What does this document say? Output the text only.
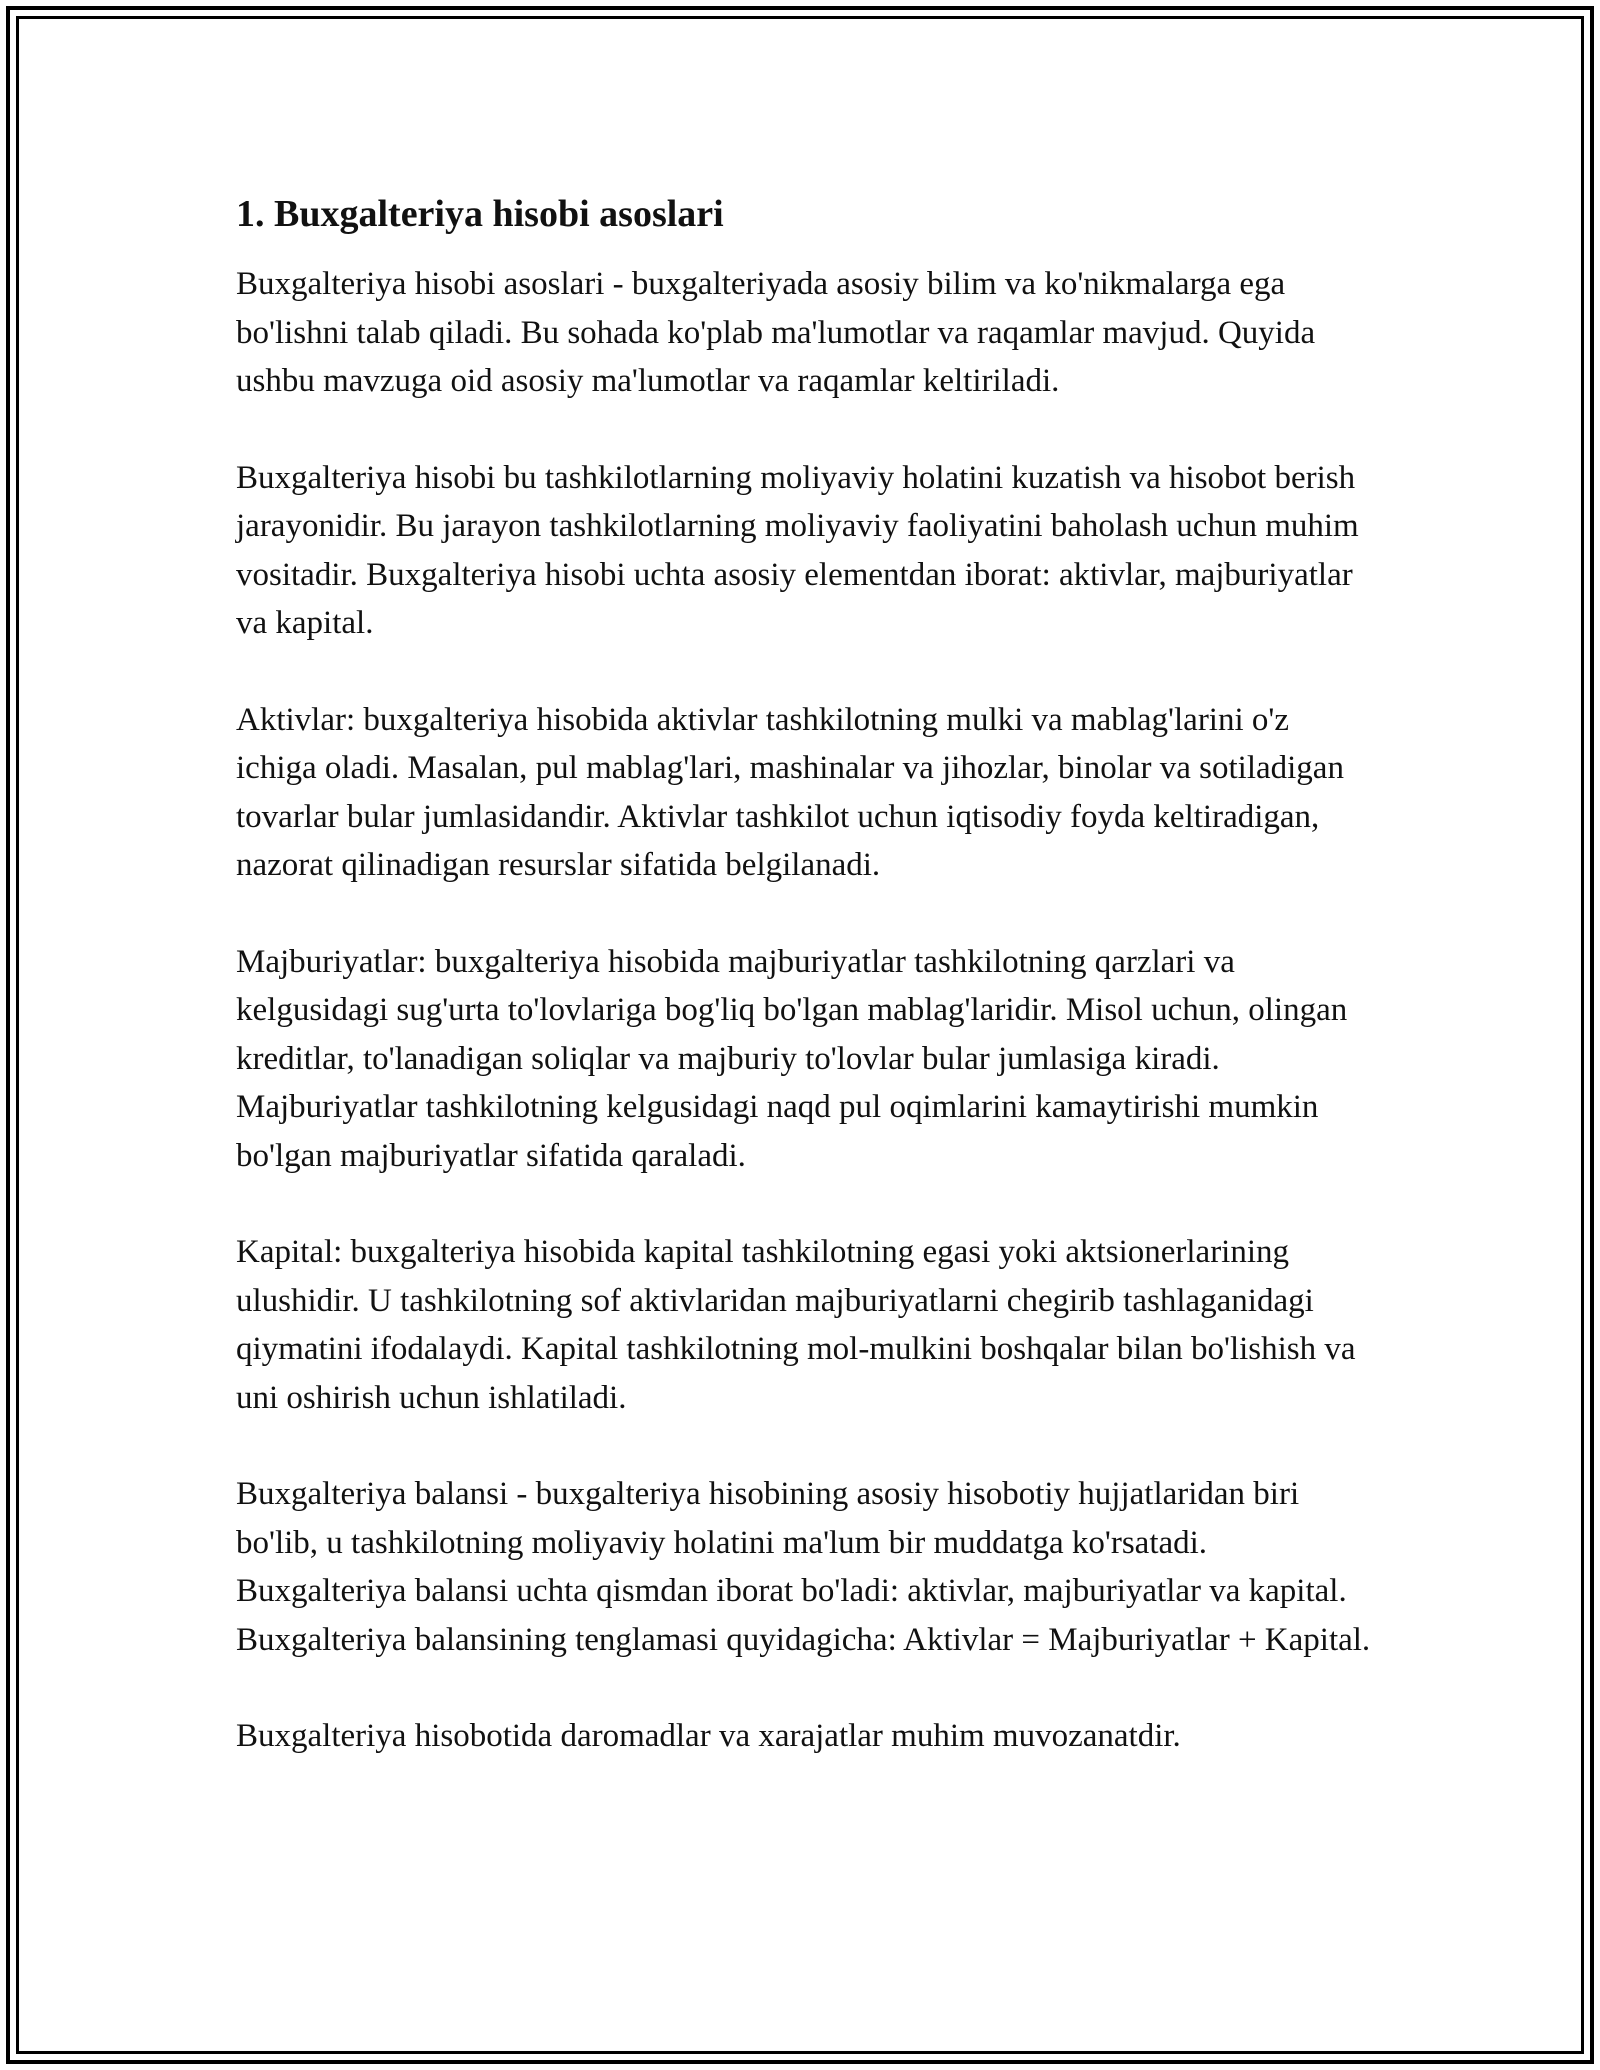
1. Buxgalteriya hisobi asoslari

Buxgalteriya hisobi asoslari - buxgalteriyada asosiy bilim va ko'nikmalarga ega bo'lishni talab qiladi. Bu sohada ko'plab ma'lumotlar va raqamlar mavjud. Quyida ushbu mavzuga oid asosiy ma'lumotlar va raqamlar keltiriladi.

Buxgalteriya hisobi bu tashkilotlarning moliyaviy holatini kuzatish va hisobot berish jarayonidir. Bu jarayon tashkilotlarning moliyaviy faoliyatini baholash uchun muhim vositadir. Buxgalteriya hisobi uchta asosiy elementdan iborat: aktivlar, majburiyatlar va kapital.

Aktivlar: buxgalteriya hisobida aktivlar tashkilotning mulki va mablag'larini o'z ichiga oladi. Masalan, pul mablag'lari, mashinalar va jihozlar, binolar va sotiladigan tovarlar bular jumlasidandir. Aktivlar tashkilot uchun iqtisodiy foyda keltiradigan, nazorat qilinadigan resurslar sifatida belgilanadi.

Majburiyatlar: buxgalteriya hisobida majburiyatlar tashkilotning qarzlari va kelgusidagi sug'urta to'lovlariga bog'liq bo'lgan mablag'laridir. Misol uchun, olingan kreditlar, to'lanadigan soliqlar va majburiy to'lovlar bular jumlasiga kiradi. Majburiyatlar tashkilotning kelgusidagi naqd pul oqimlarini kamaytirishi mumkin bo'lgan majburiyatlar sifatida qaraladi.

Kapital: buxgalteriya hisobida kapital tashkilotning egasi yoki aktsionerlarining ulushidir. U tashkilotning sof aktivlaridan majburiyatlarni chegirib tashlaganidagi qiymatini ifodalaydi. Kapital tashkilotning mol-mulkini boshqalar bilan bo'lishish va uni oshirish uchun ishlatiladi.

Buxgalteriya balansi - buxgalteriya hisobining asosiy hisobotiy hujjatlaridan biri bo'lib, u tashkilotning moliyaviy holatini ma'lum bir muddatga ko'rsatadi. Buxgalteriya balansi uchta qismdan iborat bo'ladi: aktivlar, majburiyatlar va kapital. Buxgalteriya balansining tenglamasi quyidagicha: Aktivlar = Majburiyatlar + Kapital.

Buxgalteriya hisobotida daromadlar va xarajatlar muhim muvozanatdir.
